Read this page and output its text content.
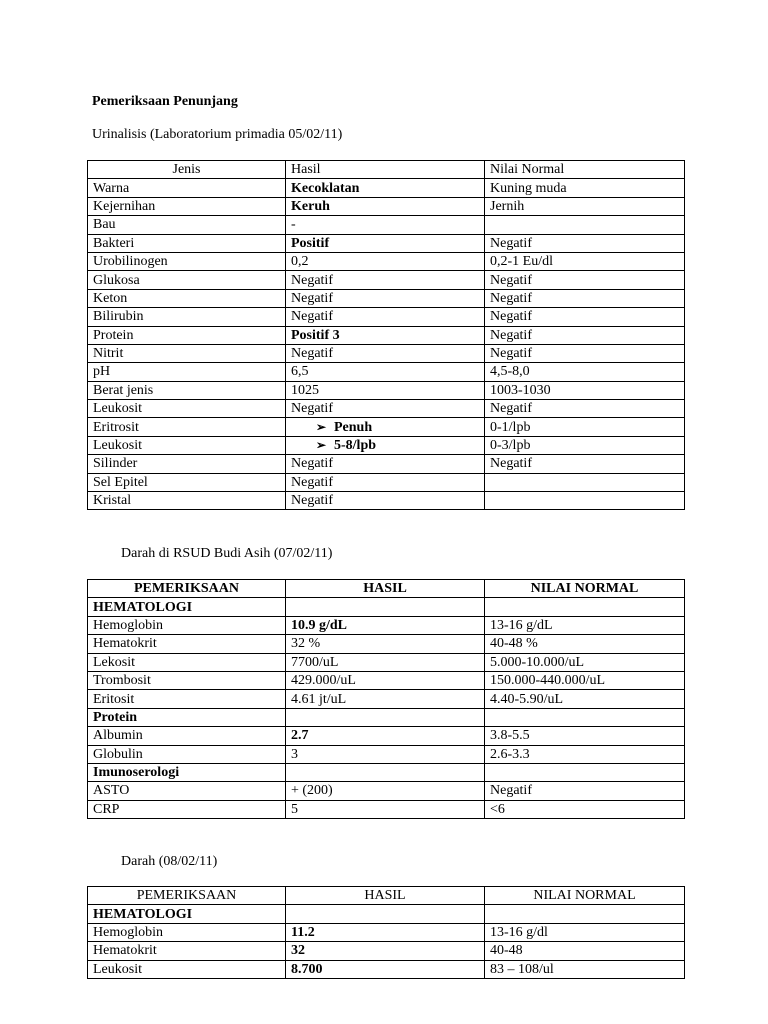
Pemeriksaan Penunjang
Urinalisis (Laboratorium primadia 05/02/11)
Jenis	Hasil	Nilai Normal
Warna	Kecoklatan	Kuning muda
Kejernihan	Keruh	Jernih
Bau	-	
Bakteri	Positif	Negatif
Urobilinogen	0,2	0,2-1 Eu/dl
Glukosa	Negatif	Negatif
Keton	Negatif	Negatif
Bilirubin	Negatif	Negatif
Protein	Positif 3	Negatif
Nitrit	Negatif	Negatif
pH	6,5	4,5-8,0
Berat jenis	1025	1003-1030
Leukosit	Negatif	Negatif
Eritrosit	➢ Penuh	0-1/lpb
Leukosit	➢ 5-8/lpb	0-3/lpb
Silinder	Negatif	Negatif
Sel Epitel	Negatif	
Kristal	Negatif	
Darah di RSUD Budi Asih (07/02/11)
PEMERIKSAAN	HASIL	NILAI NORMAL
HEMATOLOGI		
Hemoglobin	10.9 g/dL	13-16 g/dL
Hematokrit	32 %	40-48 %
Lekosit	7700/uL	5.000-10.000/uL
Trombosit	429.000/uL	150.000-440.000/uL
Eritosit	4.61 jt/uL	4.40-5.90/uL
Protein		
Albumin	2.7	3.8-5.5
Globulin	3	2.6-3.3
Imunoserologi		
ASTO	+ (200)	Negatif
CRP	5	<6
Darah (08/02/11)
PEMERIKSAAN	HASIL	NILAI NORMAL
HEMATOLOGI		
Hemoglobin	11.2	13-16 g/dl
Hematokrit	32	40-48
Leukosit	8.700	83 – 108/ul
